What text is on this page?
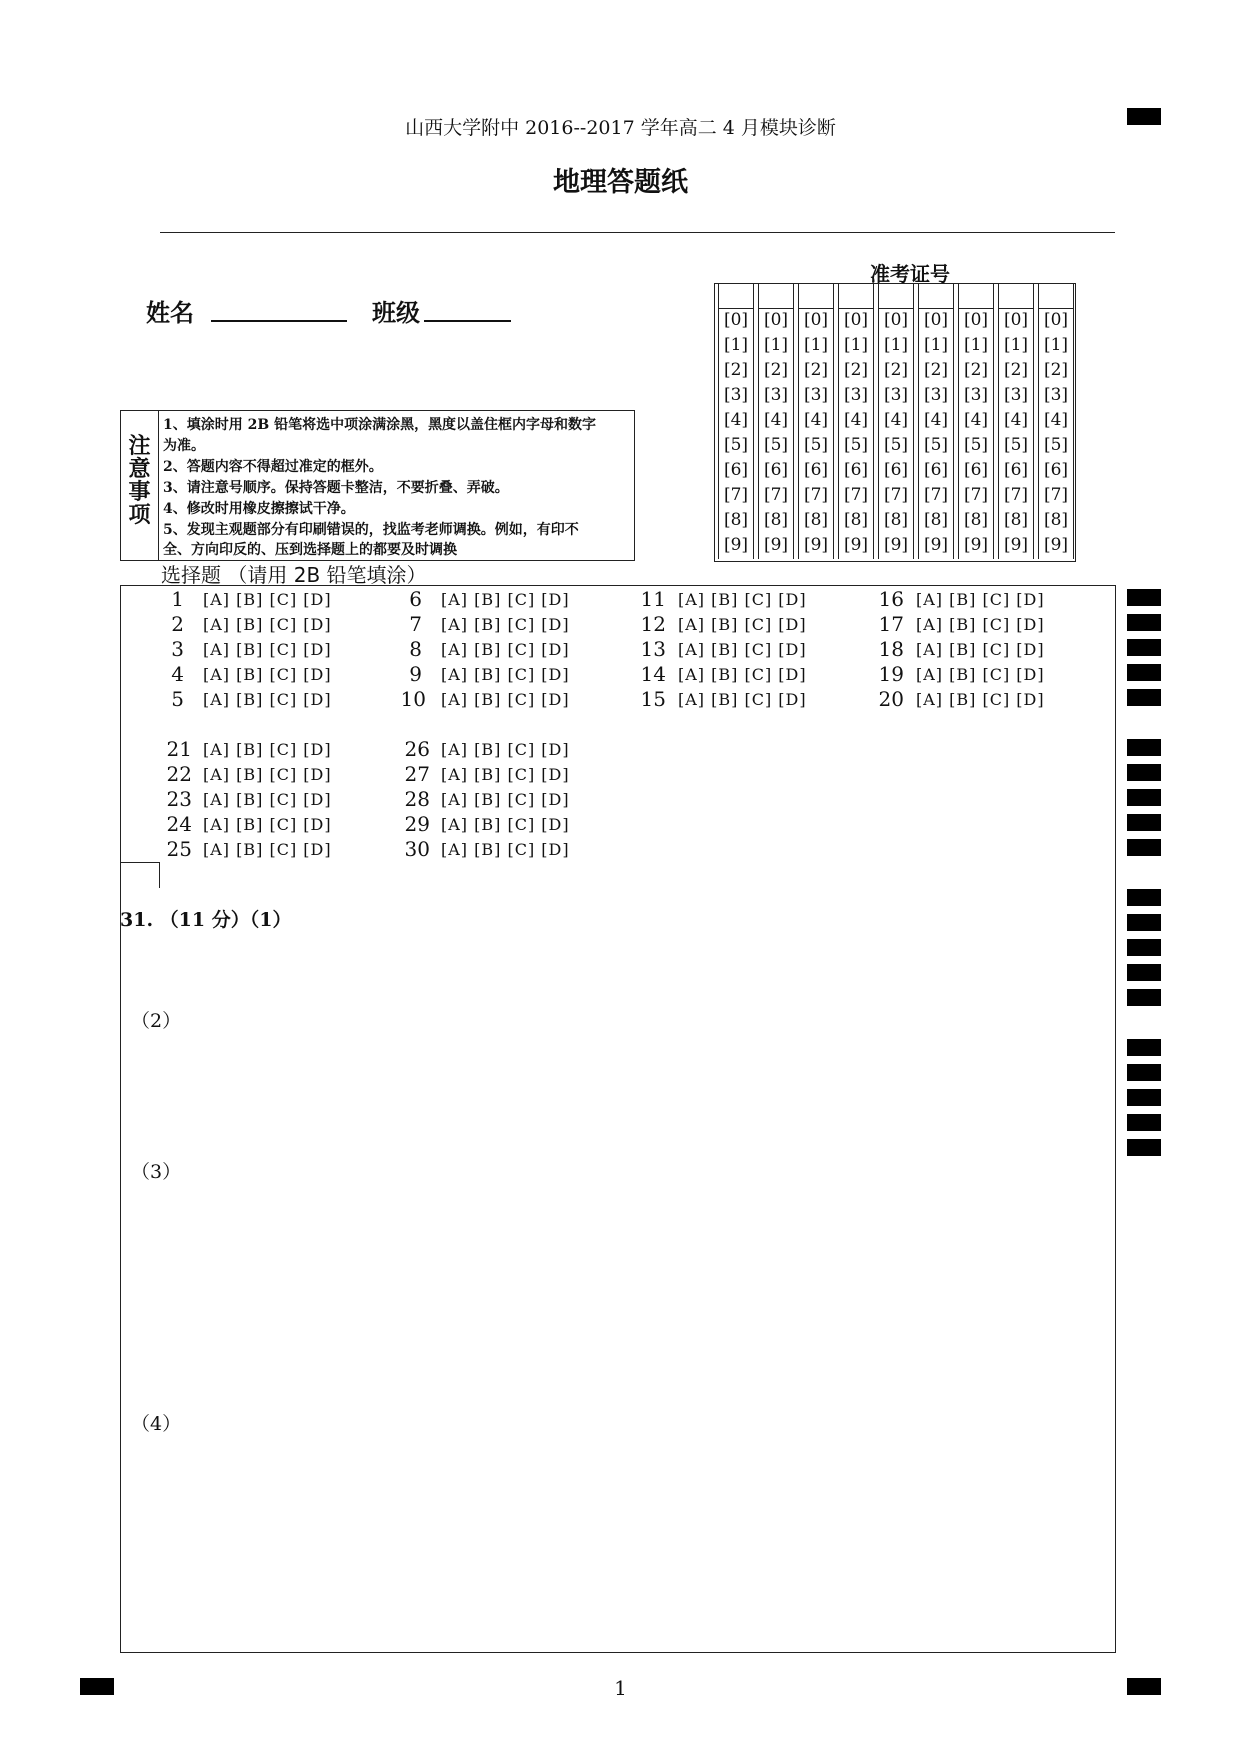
山西大学附中 2016--2017 学年高二 4 月模块诊断
地理答题纸
姓名	班级
准考证号
[0]
[1]
[2]
[3]
[4]
[5]
[6]
[7]
[8]
[9]
[0]
[1]
[2]
[3]
[4]
[5]
[6]
[7]
[8]
[9]
[0]
[1]
[2]
[3]
[4]
[5]
[6]
[7]
[8]
[9]
[0]
[1]
[2]
[3]
[4]
[5]
[6]
[7]
[8]
[9]
[0]
[1]
[2]
[3]
[4]
[5]
[6]
[7]
[8]
[9]
[0]
[1]
[2]
[3]
[4]
[5]
[6]
[7]
[8]
[9]
[0]
[1]
[2]
[3]
[4]
[5]
[6]
[7]
[8]
[9]
[0]
[1]
[2]
[3]
[4]
[5]
[6]
[7]
[8]
[9]
[0]
[1]
[2]
[3]
[4]
[5]
[6]
[7]
[8]
[9]
注
意
事
项
1、填涂时用 2B 铅笔将选中项涂满涂黑，黑度以盖住框内字母和数字
为准。
2、答题内容不得超过准定的框外。
3、请注意号顺序。保持答题卡整洁，不要折叠、弄破。
4、修改时用橡皮擦擦试干净。
5、发现主观题部分有印刷错误的，找监考老师调换。例如，有印不
全、方向印反的、压到选择题上的都要及时调换
选择题 （请用 2B 铅笔填涂）
1 [A] [B] [C] [D]
2 [A] [B] [C] [D]
3 [A] [B] [C] [D]
4 [A] [B] [C] [D]
5 [A] [B] [C] [D]
6 [A] [B] [C] [D]
7 [A] [B] [C] [D]
8 [A] [B] [C] [D]
9 [A] [B] [C] [D]
10 [A] [B] [C] [D]
11 [A] [B] [C] [D]
12 [A] [B] [C] [D]
13 [A] [B] [C] [D]
14 [A] [B] [C] [D]
15 [A] [B] [C] [D]
16 [A] [B] [C] [D]
17 [A] [B] [C] [D]
18 [A] [B] [C] [D]
19 [A] [B] [C] [D]
20 [A] [B] [C] [D]
21 [A] [B] [C] [D]
22 [A] [B] [C] [D]
23 [A] [B] [C] [D]
24 [A] [B] [C] [D]
25 [A] [B] [C] [D]
26 [A] [B] [C] [D]
27 [A] [B] [C] [D]
28 [A] [B] [C] [D]
29 [A] [B] [C] [D]
30 [A] [B] [C] [D]
31. （11 分）（1）
（2）
（3）
（4）
1
